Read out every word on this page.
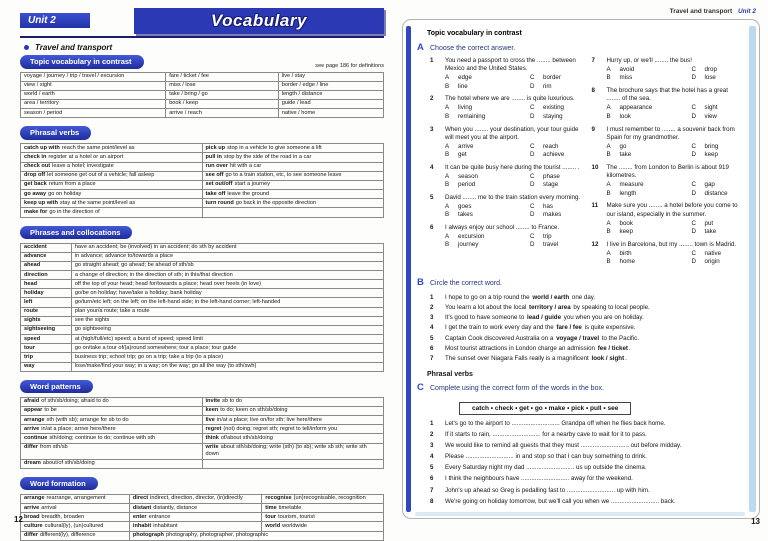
Unit 2	Vocabulary
Travel and transport
Topic vocabulary in contrast	see page 186 for definitions
voyage / journey / trip / travel / excursion	fare / ticket / fee	live / stay
view / sight	miss / lose	border / edge / line
world / earth	take / bring / go	length / distance
area / territory	book / keep	guide / lead
season / period	arrive / reach	native / home
Phrasal verbs
catch up with reach the same point/level as	pick up stop in a vehicle to give someone a lift
check in register at a hotel or an airport	pull in stop by the side of the road in a car
check out leave a hotel; investigate	run over hit with a car
drop off let someone get out of a vehicle; fall asleep	see off go to a train station, etc, to see someone leave
get back return from a place	set out/off start a journey
go away go on holiday	take off leave the ground
keep up with stay at the same point/level as	turn round go back in the opposite direction
make for go in the direction of	
Phrases and collocations
accident	have an accident; be (involved) in an accident; do sth by accident
advance	in advance; advance to/towards a place
ahead	go straight ahead; go ahead; be ahead of sth/sb
direction	a change of direction; in the direction of sth; in this/that direction
head	off the top of your head; head for/towards a place; head over heels (in love)
holiday	go/be on holiday; have/take a holiday; bank holiday
left	go/turn/etc left; on the left; on the left-hand side; in the left-hand corner; left-handed
route	plan your/a route; take a route
sights	see the sights
sightseeing	go sightseeing
speed	at (high/full/etc) speed; a burst of speed; speed limit
tour	go on/take a tour of/(a)round somewhere; tour a place; tour guide
trip	business trip; school trip; go on a trip; take a trip (to a place)
way	lose/make/find your way; in a way; on the way; go all the way (to sth/swh)
Word patterns
afraid of sth/sb/doing; afraid to do	invite sb to do
appear to be	keen to do; keen on sth/sb/doing
arrange sth (with sb); arrange for sb to do	live in/at a place; live on/for sth; live here/there
arrive in/at a place; arrive here/there	regret (not) doing; regret sth; regret to tell/inform you
continue sth/doing; continue to do; continue with sth	think of/about sth/sb/doing
differ from sth/sb	write about sth/sb/doing; write (sth) (to sb); write sb sth; write sth down
dream about/of sth/sb/doing	
Word formation
arrange rearrange, arrangement	direct indirect, direction, director, (in)directly	recognise (un)recognisable, recognition
arrive arrival	distant distantly, distance	time timetable
broad breadth, broaden	enter entrance	tour tourism, tourist
culture cultural(ly), (un)cultured	inhabit inhabitant	world worldwide
differ different(ly), difference	photograph photography, photographer, photographic	
12
Travel and transport Unit 2
Topic vocabulary in contrast
A Choose the correct answer.
1	You need a passport to cross the ........ between Mexico and the United States.
A	edge	C	border
B	line	D	rim
2	The hotel where we are ........ is quite luxurious.
A	living	C	existing
B	remaining	D	staying
3	When you ........ your destination, your tour guide will meet you at the airport.
A	arrive	C	reach
B	get	D	achieve
4	It can be quite busy here during the tourist ........ .
A	season	C	phase
B	period	D	stage
5	David ........ me to the train station every morning.
A	goes	C	has
B	takes	D	makes
6	I always enjoy our school ........ to France.
A	excursion	C	trip
B	journey	D	travel
7	Hurry up, or we'll ........ the bus!
A	avoid	C	drop
B	miss	D	lose
8	The brochure says that the hotel has a great ........ of the sea.
A	appearance	C	sight
B	look	D	view
9	I must remember to ........ a souvenir back from Spain for my grandmother.
A	go	C	bring
B	take	D	keep
10	The ........ from London to Berlin is about 919 kilometres.
A	measure	C	gap
B	length	D	distance
11	Make sure you ........ a hotel before you come to our island, especially in the summer.
A	book	C	put
B	keep	D	take
12	I live in Barcelona, but my ........ town is Madrid.
A	birth	C	native
B	home	D	origin
B Circle the correct word.
1	I hope to go on a trip round the world / earth one day.
2	You learn a lot about the local territory / area by speaking to local people.
3	It's good to have someone to lead / guide you when you are on holiday.
4	I get the train to work every day and the fare / fee is quite expensive.
5	Captain Cook discovered Australia on a voyage / travel to the Pacific.
6	Most tourist attractions in London charge an admission fee / ticket.
7	The sunset over Niagara Falls really is a magnificent look / sight.
Phrasal verbs
C Complete using the correct form of the words in the box.
catch • check • get • go • make • pick • pull • see
1	Let's go to the airport to ............................ Grandpa off when he flies back home.
2	If it starts to rain, ............................ for a nearby cave to wait for it to pass.
3	We would like to remind all guests that they must ............................ out before midday.
4	Please ............................ in and stop so that I can buy something to drink.
5	Every Saturday night my dad ............................ us up outside the cinema.
6	I think the neighbours have ............................ away for the weekend.
7	John's up ahead so Greg is pedalling fast to ............................ up with him.
8	We're going on holiday tomorrow, but we'll call you when we ............................ back.
13
